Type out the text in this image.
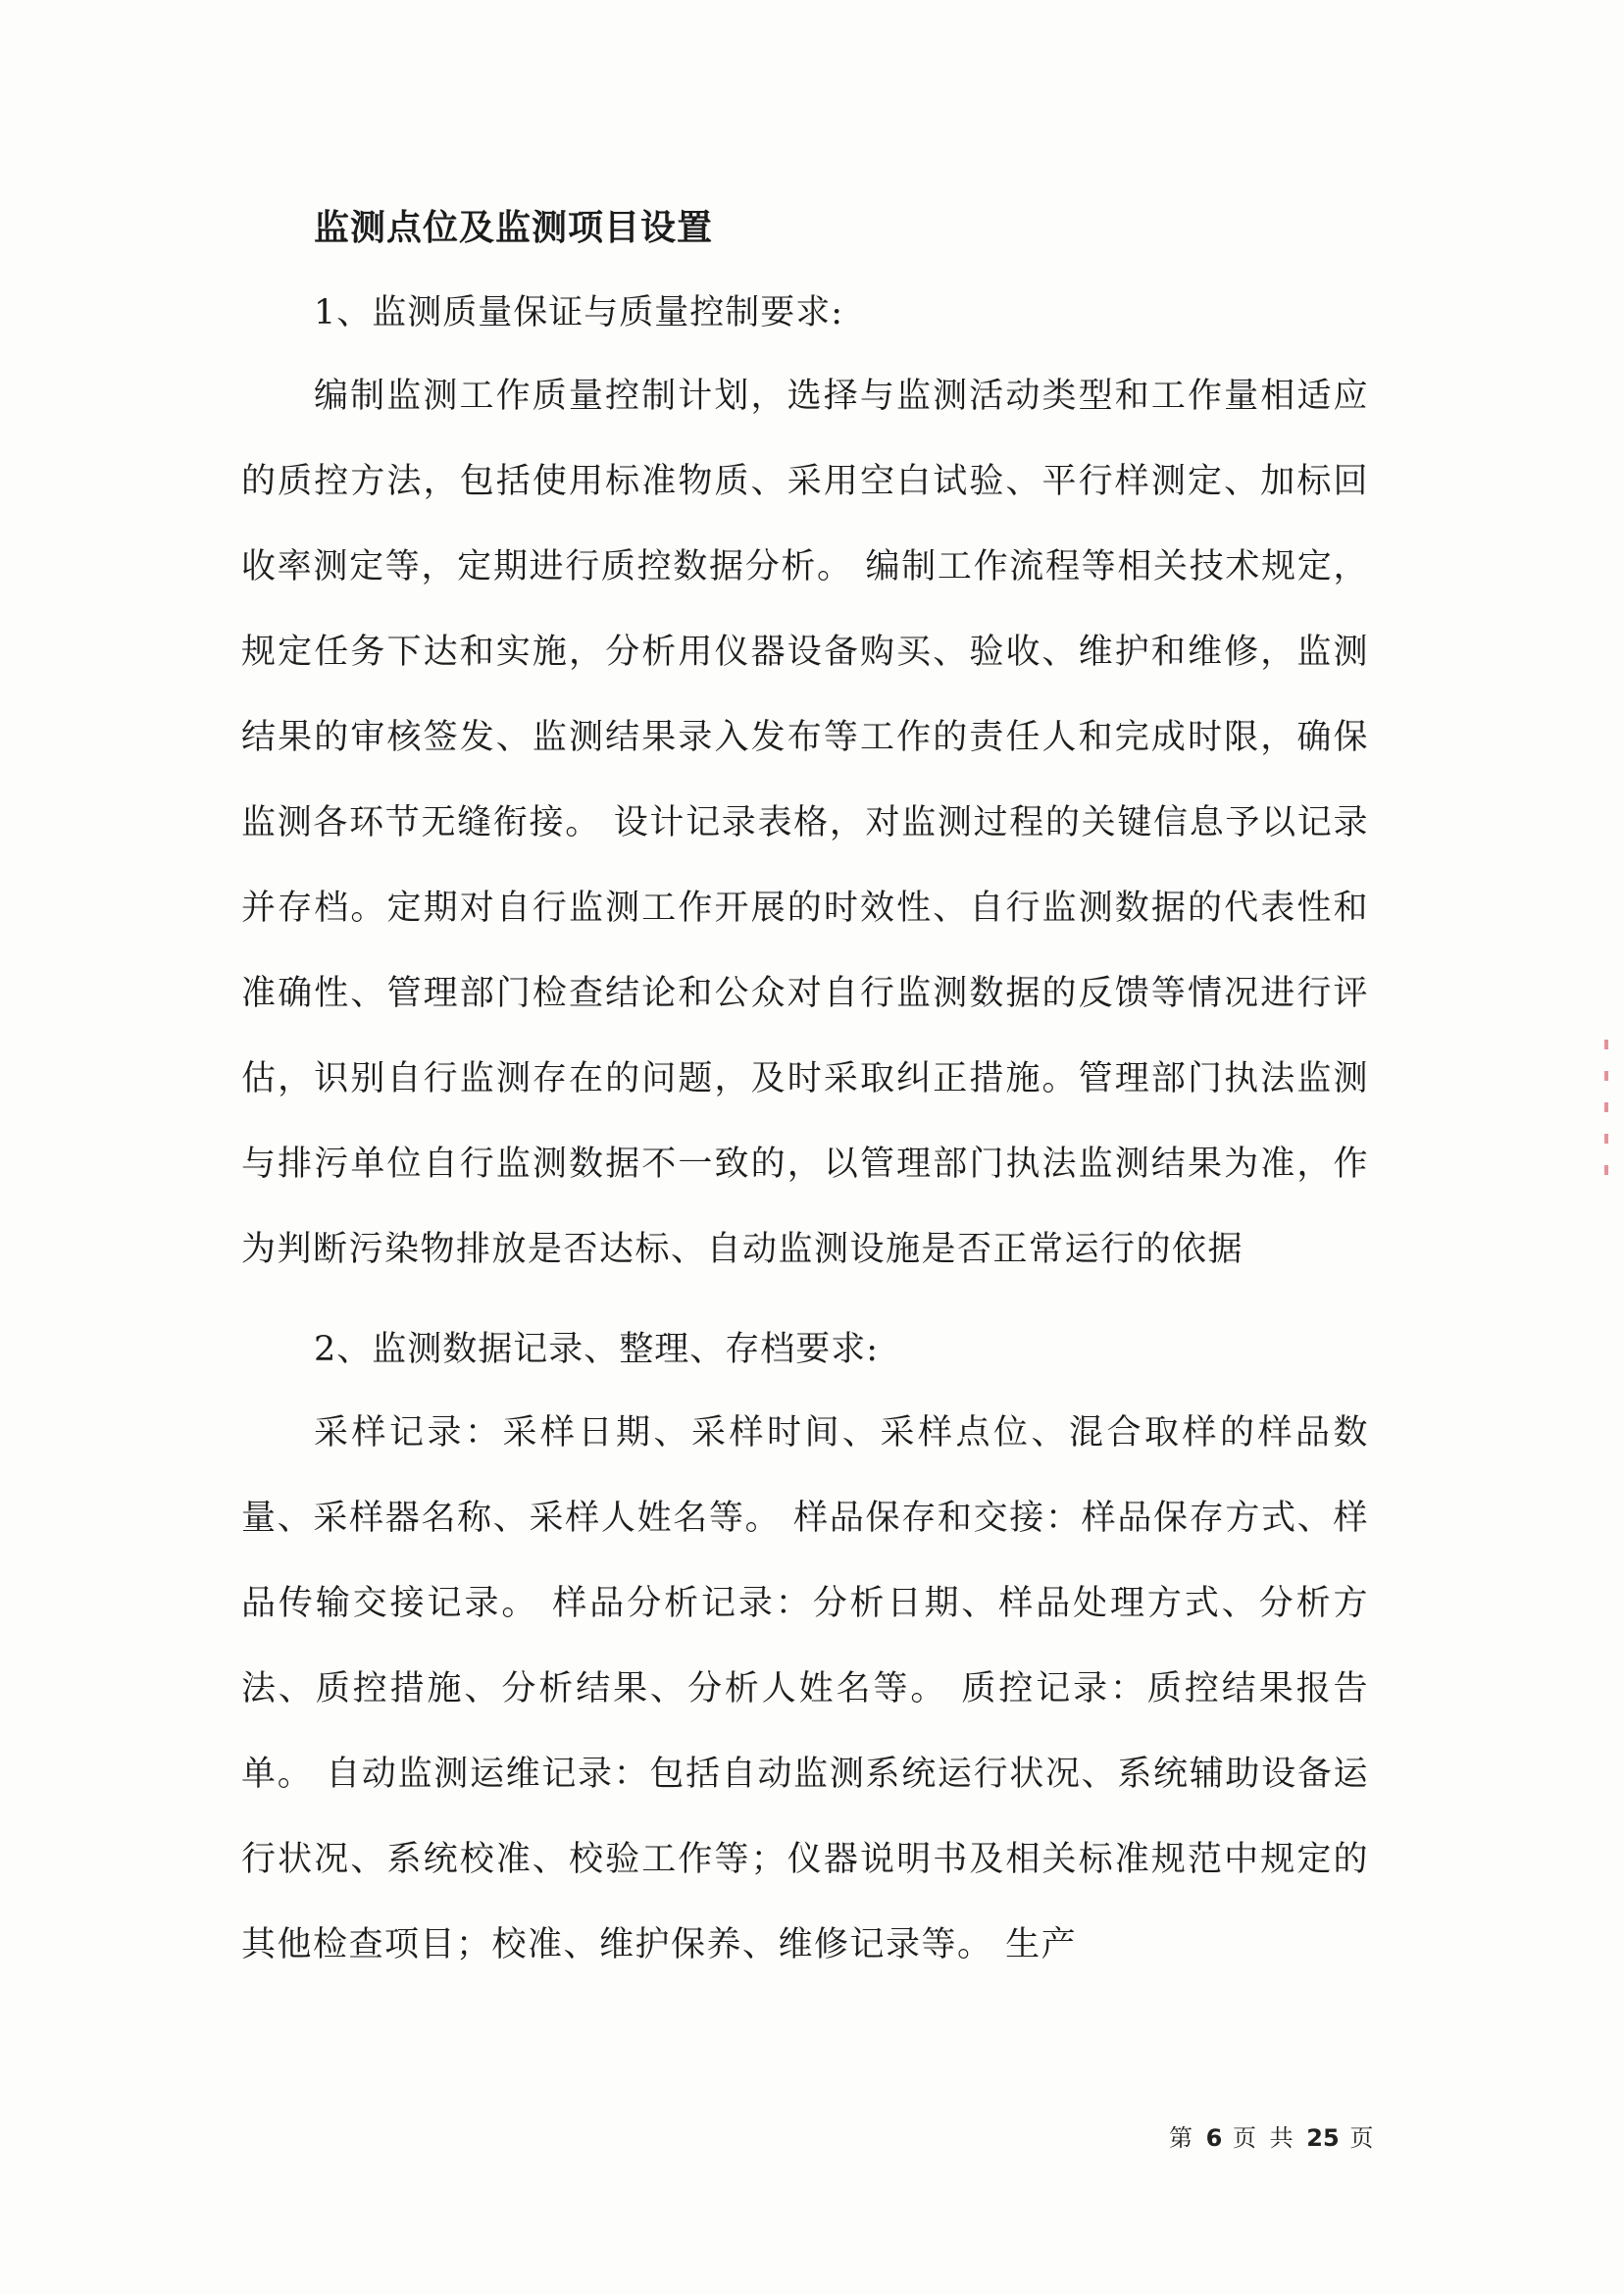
监测点位及监测项目设置
1、监测质量保证与质量控制要求:

编制监测工作质量控制计划，选择与监测活动类型和工作量相适应的质控方法，包括使用标准物质、采用空白试验、平行样测定、加标回收率测定等，定期进行质控数据分析。 编制工作流程等相关技术规定，规定任务下达和实施，分析用仪器设备购买、验收、维护和维修，监测结果的审核签发、监测结果录入发布等工作的责任人和完成时限，确保监测各环节无缝衔接。 设计记录表格，对监测过程的关键信息予以记录并存档。定期对自行监测工作开展的时效性、自行监测数据的代表性和准确性、管理部门检查结论和公众对自行监测数据的反馈等情况进行评估，识别自行监测存在的问题，及时采取纠正措施。管理部门执法监测与排污单位自行监测数据不一致的，以管理部门执法监测结果为准，作为判断污染物排放是否达标、自动监测设施是否正常运行的依据

2、监测数据记录、整理、存档要求:

采样记录：采样日期、采样时间、采样点位、混合取样的样品数量、采样器名称、采样人姓名等。 样品保存和交接：样品保存方式、样品传输交接记录。 样品分析记录：分析日期、样品处理方式、分析方法、质控措施、分析结果、分析人姓名等。 质控记录：质控结果报告单。 自动监测运维记录：包括自动监测系统运行状况、系统辅助设备运行状况、系统校准、校验工作等；仪器说明书及相关标准规范中规定的其他检查项目；校准、维护保养、维修记录等。 生产

第 6 页 共 25 页
